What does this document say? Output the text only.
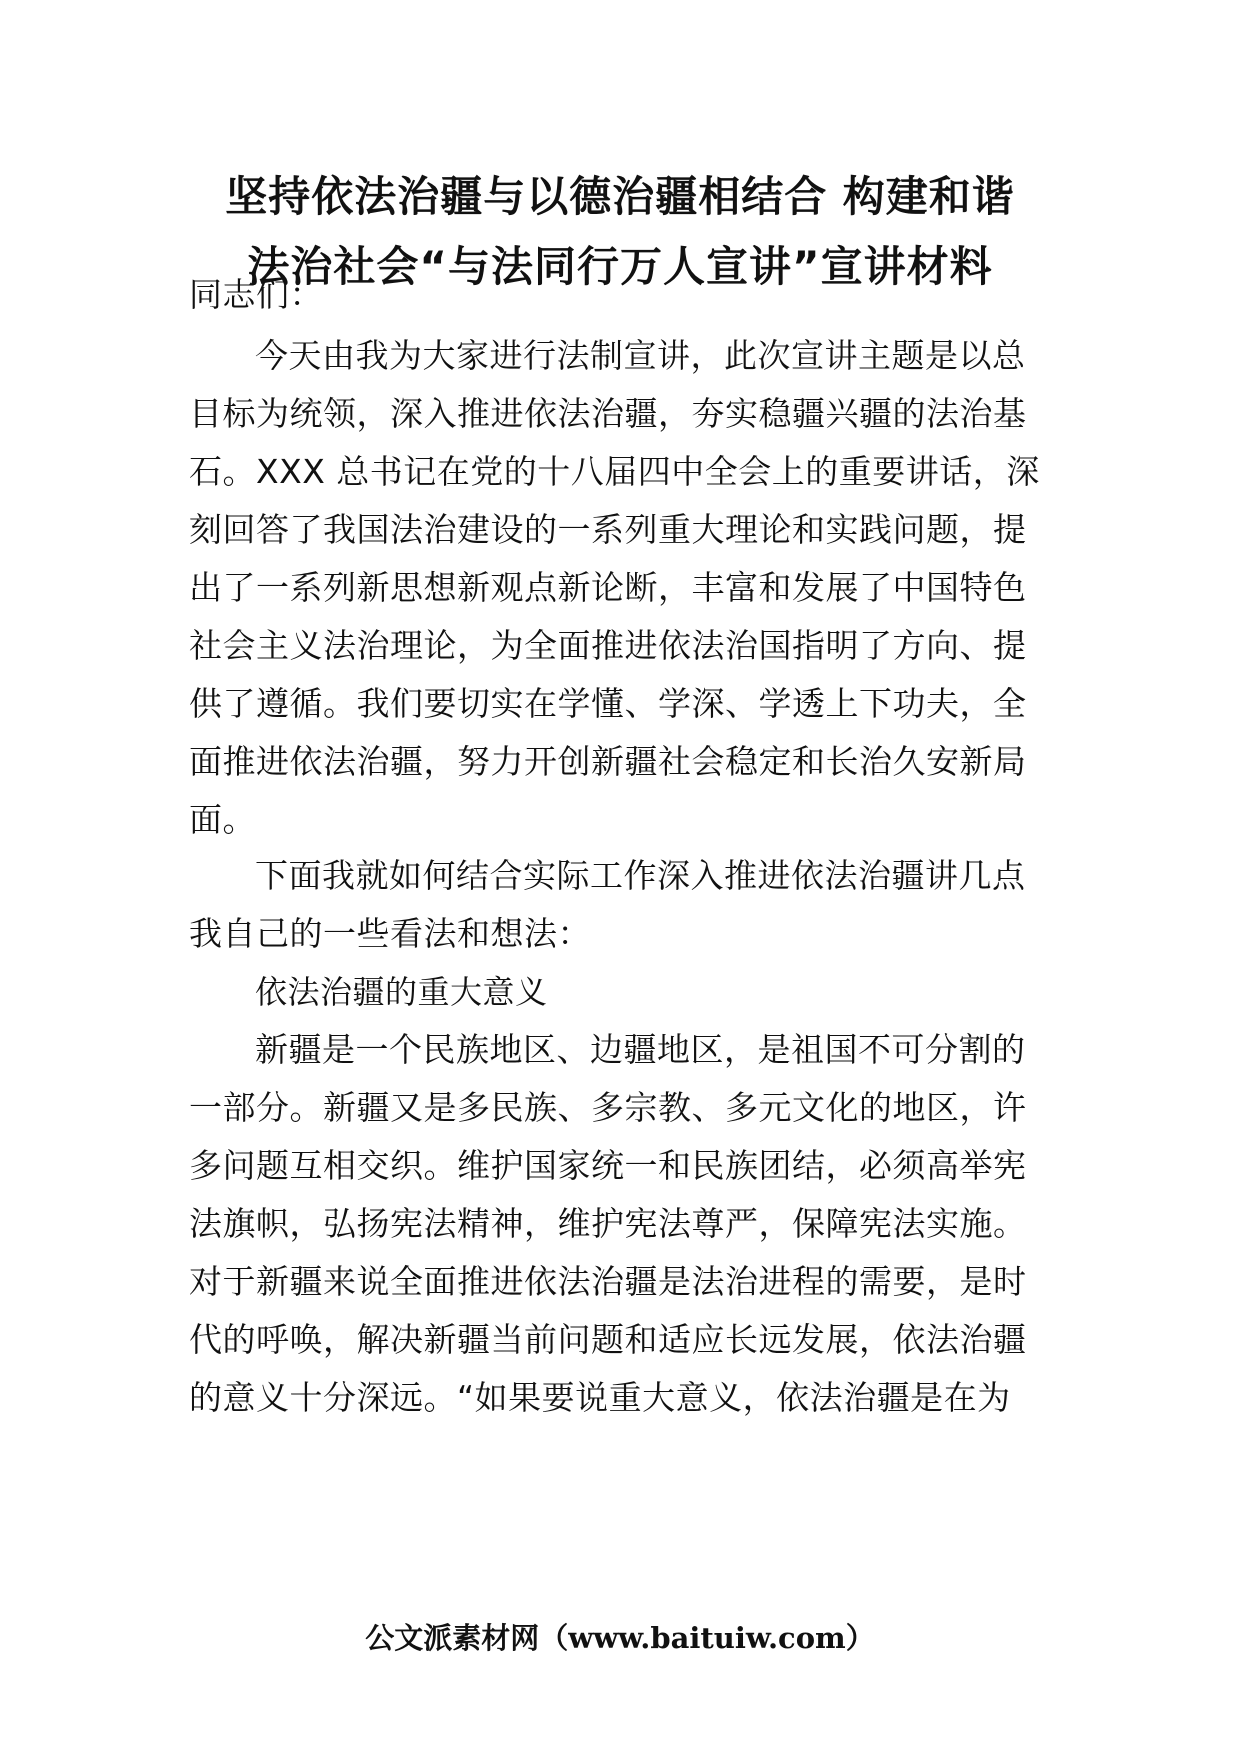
坚持依法治疆与以德治疆相结合 构建和谐
法治社会“与法同行万人宣讲”宣讲材料
同志们：
今天由我为大家进行法制宣讲，此次宣讲主题是以总
目标为统领，深入推进依法治疆，夯实稳疆兴疆的法治基
石。XXX 总书记在党的十八届四中全会上的重要讲话，深
刻回答了我国法治建设的一系列重大理论和实践问题，提
出了一系列新思想新观点新论断，丰富和发展了中国特色
社会主义法治理论，为全面推进依法治国指明了方向、提
供了遵循。我们要切实在学懂、学深、学透上下功夫，全
面推进依法治疆，努力开创新疆社会稳定和长治久安新局
面。
下面我就如何结合实际工作深入推进依法治疆讲几点
我自己的一些看法和想法：
依法治疆的重大意义
新疆是一个民族地区、边疆地区，是祖国不可分割的
一部分。新疆又是多民族、多宗教、多元文化的地区，许
多问题互相交织。维护国家统一和民族团结，必须高举宪
法旗帜，弘扬宪法精神，维护宪法尊严，保障宪法实施。
对于新疆来说全面推进依法治疆是法治进程的需要，是时
代的呼唤，解决新疆当前问题和适应长远发展，依法治疆
的意义十分深远。“如果要说重大意义，依法治疆是在为
公文派素材网（www.baituiw.com）
